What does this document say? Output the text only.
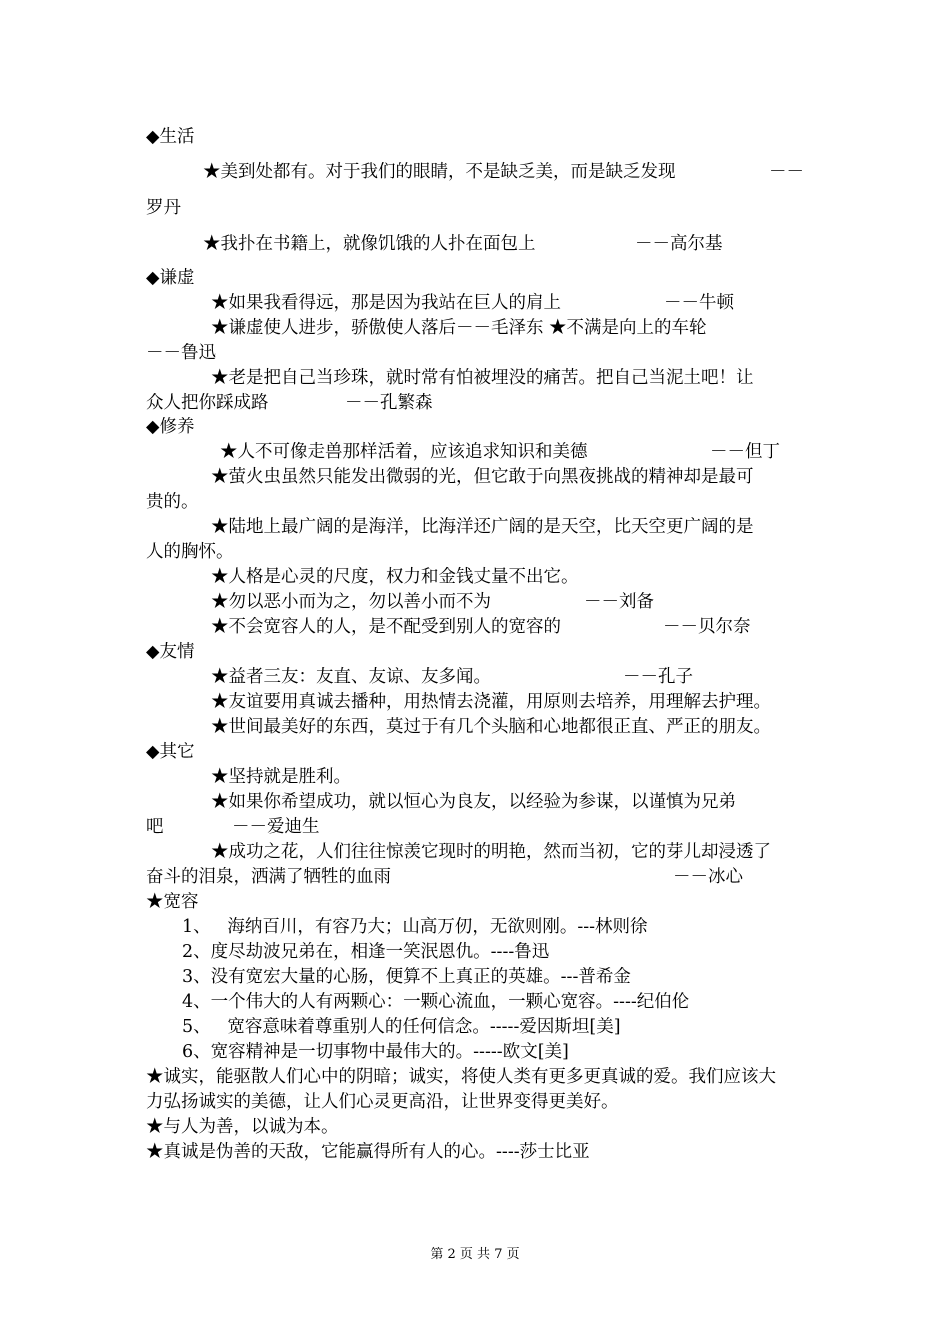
◆生活
★美到处都有。对于我们的眼睛，不是缺乏美，而是缺乏发现	－－
罗丹
★我扑在书籍上，就像饥饿的人扑在面包上	－－高尔基
◆谦虚
★如果我看得远，那是因为我站在巨人的肩上	－－牛顿
★谦虚使人进步，骄傲使人落后－－毛泽东 ★不满是向上的车轮
－－鲁迅
★老是把自己当珍珠，就时常有怕被埋没的痛苦。把自己当泥土吧！让
众人把你踩成路	－－孔繁森
◆修养
★人不可像走兽那样活着，应该追求知识和美德	－－但丁
★萤火虫虽然只能发出微弱的光，但它敢于向黑夜挑战的精神却是最可
贵的。
★陆地上最广阔的是海洋，比海洋还广阔的是天空，比天空更广阔的是
人的胸怀。
★人格是心灵的尺度，权力和金钱丈量不出它。
★勿以恶小而为之，勿以善小而不为	－－刘备
★不会宽容人的人，是不配受到别人的宽容的	－－贝尔奈
◆友情
★益者三友：友直、友谅、友多闻。	－－孔子
★友谊要用真诚去播种，用热情去浇灌，用原则去培养，用理解去护理。
★世间最美好的东西，莫过于有几个头脑和心地都很正直、严正的朋友。
◆其它
★坚持就是胜利。
★如果你希望成功，就以恒心为良友，以经验为参谋，以谨慎为兄弟
吧	－－爱迪生
★成功之花，人们往往惊羡它现时的明艳，然而当初，它的芽儿却浸透了
奋斗的泪泉，洒满了牺牲的血雨	－－冰心
★宽容
1、   海纳百川，有容乃大；山高万仞，无欲则刚。---林则徐
2、度尽劫波兄弟在，相逢一笑泯恩仇。----鲁迅
3、没有宽宏大量的心肠，便算不上真正的英雄。---普希金
4、一个伟大的人有两颗心：一颗心流血，一颗心宽容。----纪伯伦
5、   宽容意味着尊重别人的任何信念。-----爱因斯坦[美]
6、宽容精神是一切事物中最伟大的。-----欧文[美]
★诚实，能驱散人们心中的阴暗；诚实，将使人类有更多更真诚的爱。我们应该大
力弘扬诚实的美德，让人们心灵更高沿，让世界变得更美好。
★与人为善，以诚为本。
★真诚是伪善的天敌，它能赢得所有人的心。----莎士比亚
第 2 页 共 7 页
